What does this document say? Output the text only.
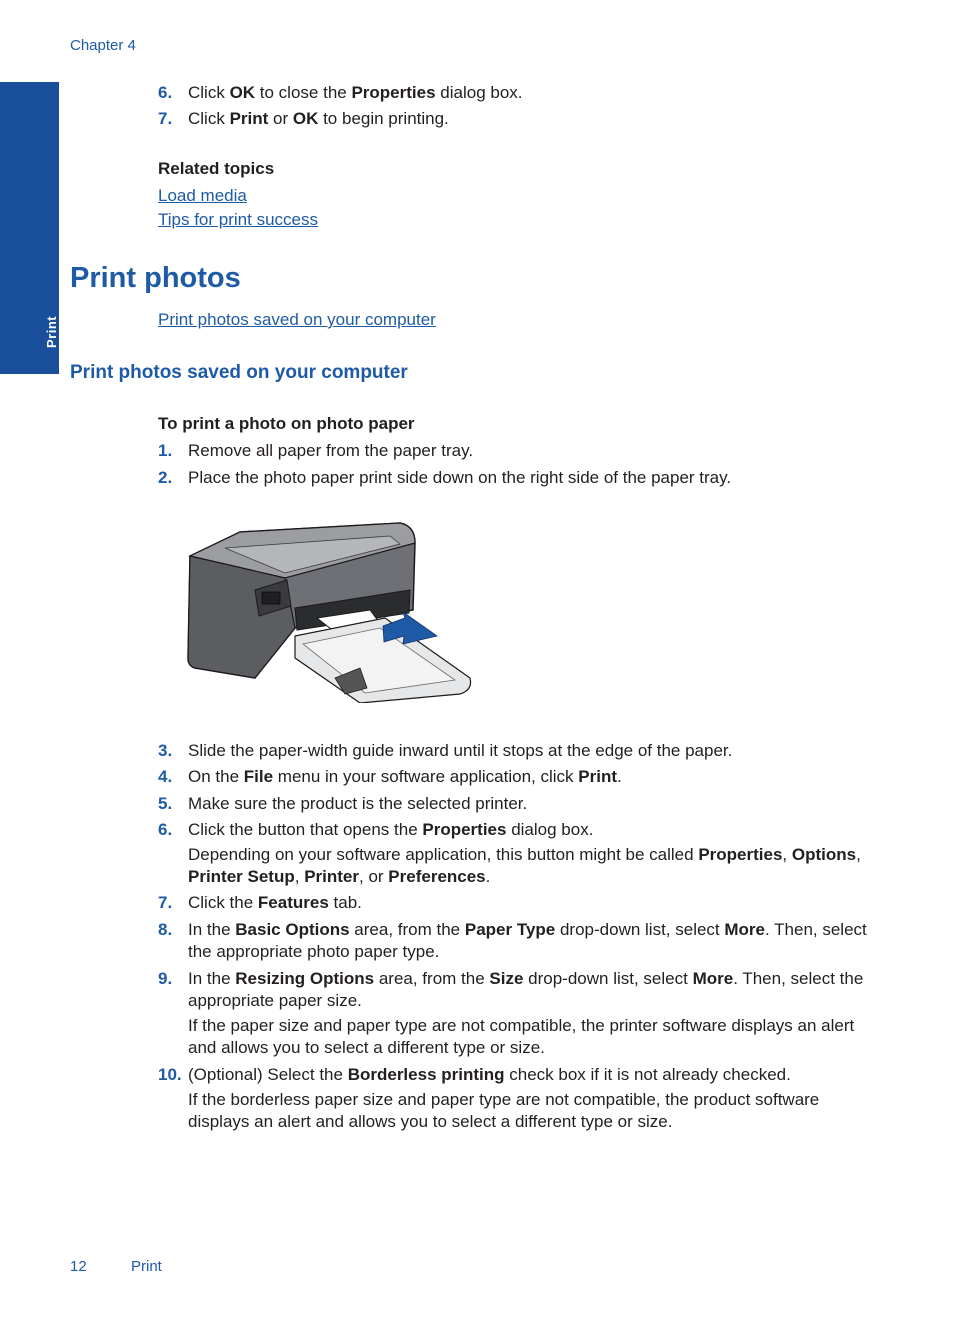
Chapter 4
Print
6. Click OK to close the Properties dialog box.
7. Click Print or OK to begin printing.
Related topics
Load media
Tips for print success
Print photos
Print photos saved on your computer
Print photos saved on your computer
To print a photo on photo paper
1. Remove all paper from the paper tray.
2. Place the photo paper print side down on the right side of the paper tray.
3. Slide the paper-width guide inward until it stops at the edge of the paper.
4. On the File menu in your software application, click Print.
5. Make sure the product is the selected printer.
6. Click the button that opens the Properties dialog box.
Depending on your software application, this button might be called Properties, Options, Printer Setup, Printer, or Preferences.
7. Click the Features tab.
8. In the Basic Options area, from the Paper Type drop-down list, select More. Then, select the appropriate photo paper type.
9. In the Resizing Options area, from the Size drop-down list, select More. Then, select the appropriate paper size.
If the paper size and paper type are not compatible, the printer software displays an alert and allows you to select a different type or size.
10. (Optional) Select the Borderless printing check box if it is not already checked.
If the borderless paper size and paper type are not compatible, the product software displays an alert and allows you to select a different type or size.
12	Print
